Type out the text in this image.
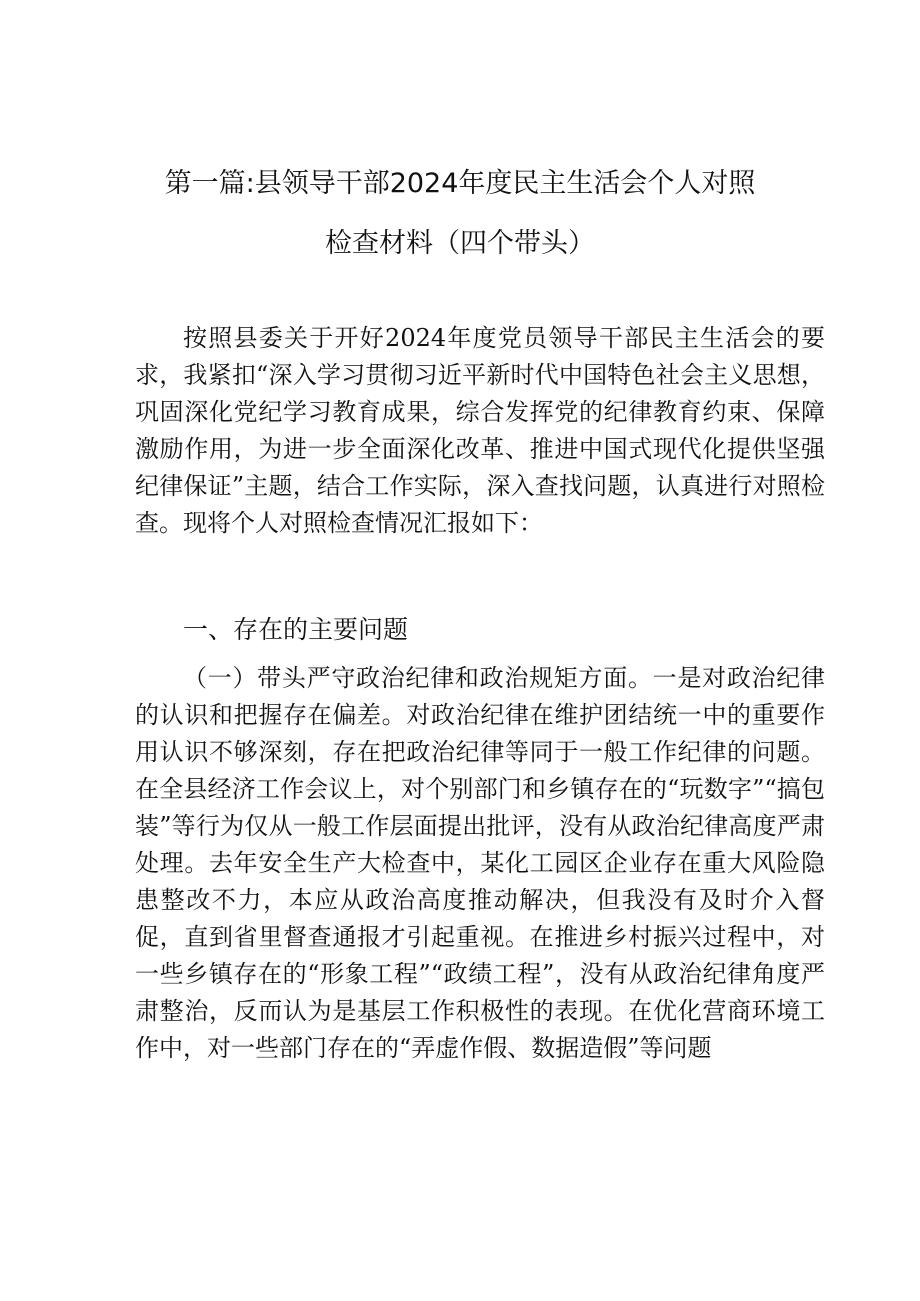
第一篇:县领导干部2024年度民主生活会个人对照
检查材料（四个带头）
按照县委关于开好2024年度党员领导干部民主生活会的要求，我紧扣“深入学习贯彻习近平新时代中国特色社会主义思想，巩固深化党纪学习教育成果，综合发挥党的纪律教育约束、保障激励作用，为进一步全面深化改革、推进中国式现代化提供坚强纪律保证”主题，结合工作实际，深入查找问题，认真进行对照检查。现将个人对照检查情况汇报如下：
一、存在的主要问题
（一）带头严守政治纪律和政治规矩方面。一是对政治纪律的认识和把握存在偏差。对政治纪律在维护团结统一中的重要作用认识不够深刻，存在把政治纪律等同于一般工作纪律的问题。在全县经济工作会议上，对个别部门和乡镇存在的“玩数字”“搞包装”等行为仅从一般工作层面提出批评，没有从政治纪律高度严肃处理。去年安全生产大检查中，某化工园区企业存在重大风险隐患整改不力，本应从政治高度推动解决，但我没有及时介入督促，直到省里督查通报才引起重视。在推进乡村振兴过程中，对一些乡镇存在的“形象工程”“政绩工程”，没有从政治纪律角度严肃整治，反而认为是基层工作积极性的表现。在优化营商环境工作中，对一些部门存在的“弄虚作假、数据造假”等问题
